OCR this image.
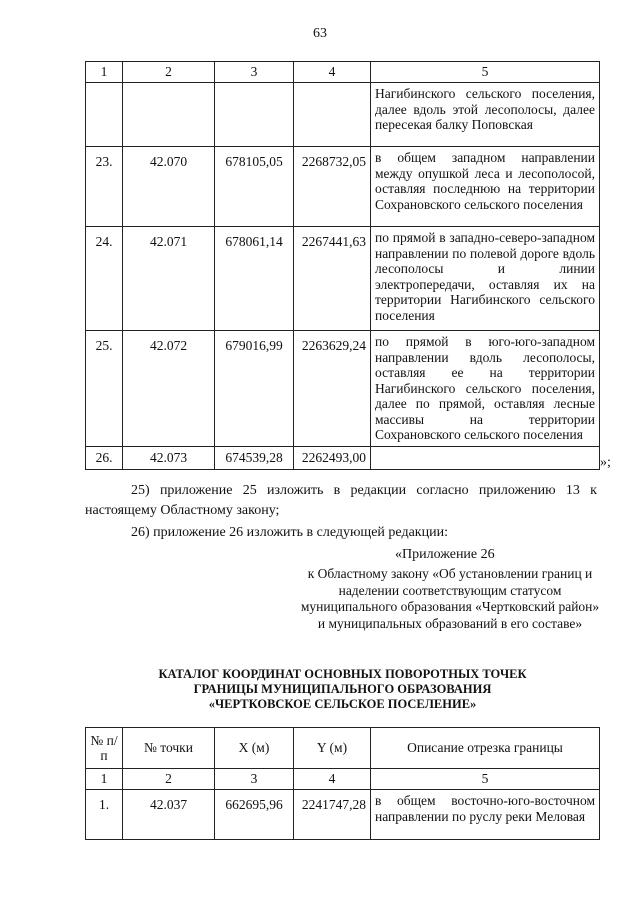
63
1	2	3	4	5
				Нагибинского сельского поселения, далее вдоль этой лесополосы, далее пересекая балку Поповская
23.	42.070	678105,05	2268732,05	в общем западном направлении между опушкой леса и лесополосой, оставляя последнюю на территории Сохрановского сельского поселения
24.	42.071	678061,14	2267441,63	по прямой в западно-северо-западном направлении по полевой дороге вдоль лесополосы и линии электропередачи, оставляя их на территории Нагибинского сельского поселения
25.	42.072	679016,99	2263629,24	по прямой в юго-юго-западном направлении вдоль лесополосы, оставляя ее на территории Нагибинского сельского поселения, далее по прямой, оставляя лесные массивы на территории Сохрановского сельского поселения
26.	42.073	674539,28	2262493,00		»;
25) приложение 25 изложить в редакции согласно приложению 13 к настоящему Областному закону;
26) приложение 26 изложить в следующей редакции:
«Приложение 26
к Областному закону «Об установлении границ и наделении соответствующим статусом муниципального образования «Чертковский район» и муниципальных образований в его составе»
КАТАЛОГ КООРДИНАТ ОСНОВНЫХ ПОВОРОТНЫХ ТОЧЕК
ГРАНИЦЫ МУНИЦИПАЛЬНОГО ОБРАЗОВАНИЯ
«ЧЕРТКОВСКОЕ СЕЛЬСКОЕ ПОСЕЛЕНИЕ»
№ п/п	№ точки	X (м)	Y (м)	Описание отрезка границы
1	2	3	4	5
1.	42.037	662695,96	2241747,28	в общем восточно-юго-восточном направлении по руслу реки Меловая
